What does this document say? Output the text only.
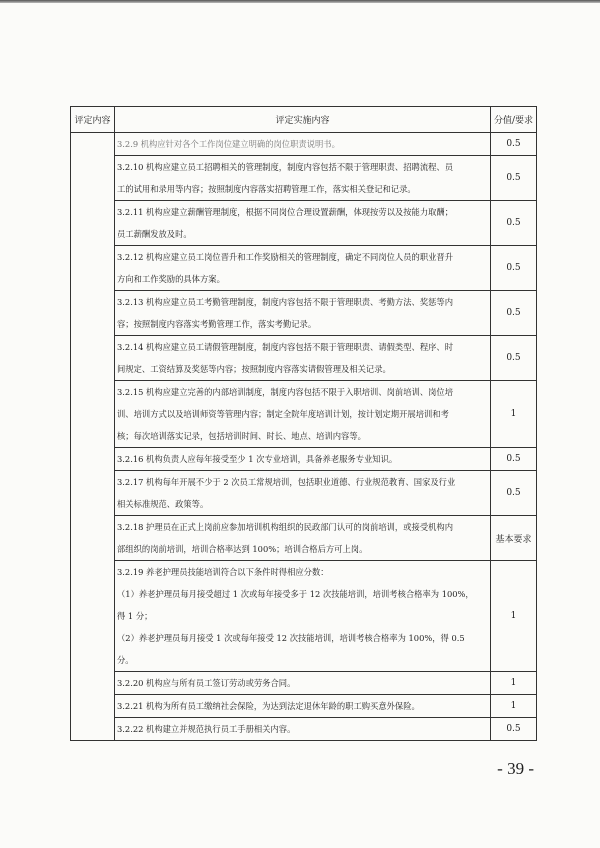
评定内容	评定实施内容	分值/要求

	3.2.9 机构应针对各个工作岗位建立明确的岗位职责说明书。	0.5

	3.2.10 机构应建立员工招聘相关的管理制度，制度内容包括不限于管理职责、招聘流程、员
工的试用和录用等内容；按照制度内容落实招聘管理工作，落实相关登记和记录。	0.5

	3.2.11 机构应建立薪酬管理制度，根据不同岗位合理设置薪酬，体现按劳以及按能力取酬；
员工薪酬发放及时。	0.5

	3.2.12 机构应建立员工岗位晋升和工作奖励相关的管理制度，确定不同岗位人员的职业晋升
方向和工作奖励的具体方案。	0.5

	3.2.13 机构应建立员工考勤管理制度，制度内容包括不限于管理职责、考勤方法、奖惩等内
容；按照制度内容落实考勤管理工作，落实考勤记录。	0.5

	3.2.14 机构应建立员工请假管理制度，制度内容包括不限于管理职责、请假类型、程序、时
间规定、工资结算及奖惩等内容；按照制度内容落实请假管理及相关记录。	0.5

	3.2.15 机构应建立完善的内部培训制度，制度内容包括不限于入职培训、岗前培训、岗位培
训、培训方式以及培训师资等管理内容；制定全院年度培训计划，按计划定期开展培训和考
核；每次培训落实记录，包括培训时间、时长、地点、培训内容等。	1

	3.2.16 机构负责人应每年接受至少 1 次专业培训，具备养老服务专业知识。	0.5

	3.2.17 机构每年开展不少于 2 次员工常规培训，包括职业道德、行业规范教育、国家及行业
相关标准规范、政策等。	0.5

	3.2.18 护理员在正式上岗前应参加培训机构组织的民政部门认可的岗前培训，或接受机构内
部组织的岗前培训，培训合格率达到 100%；培训合格后方可上岗。	基本要求

	3.2.19 养老护理员技能培训符合以下条件时得相应分数：
（1）养老护理员每月接受超过 1 次或每年接受多于 12 次技能培训，培训考核合格率为 100%，
得 1 分；
（2）养老护理员每月接受 1 次或每年接受 12 次技能培训，培训考核合格率为 100%，得 0.5
分。	1

	3.2.20 机构应与所有员工签订劳动或劳务合同。	1

	3.2.21 机构为所有员工缴纳社会保险，为达到法定退休年龄的职工购买意外保险。	1

	3.2.22 机构建立并规范执行员工手册相关内容。	0.5
- 39 -
